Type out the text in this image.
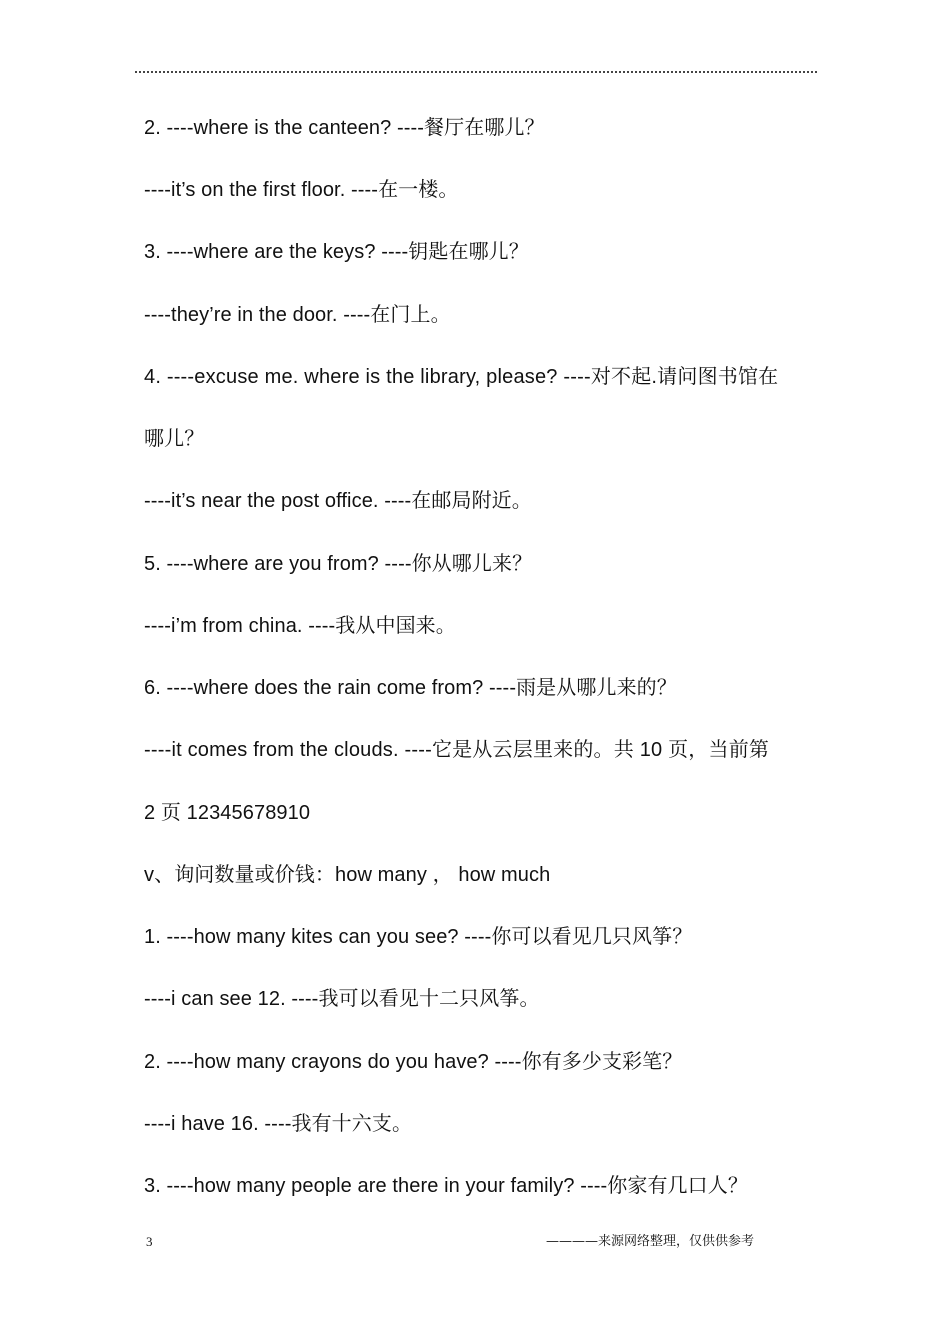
2. ----where is the canteen? ----餐厅在哪儿？
----it’s on the first floor. ----在一楼。
3. ----where are the keys? ----钥匙在哪儿？
----they’re in the door. ----在门上。
4. ----excuse me. where is the library, please? ----对不起.请问图书馆在
哪儿？
----it’s near the post office. ----在邮局附近。
5. ----where are you from? ----你从哪儿来？
----i’m from china. ----我从中国来。
6. ----where does the rain come from? ----雨是从哪儿来的？
----it comes from the clouds. ----它是从云层里来的。共 10 页，当前第
2 页 12345678910
v、询问数量或价钱：how many ， how much
1. ----how many kites can you see? ----你可以看见几只风筝？
----i can see 12. ----我可以看见十二只风筝。
2. ----how many crayons do you have? ----你有多少支彩笔？
----i have 16. ----我有十六支。
3. ----how many people are there in your family? ----你家有几口人？
3	————来源网络整理，仅供供参考
